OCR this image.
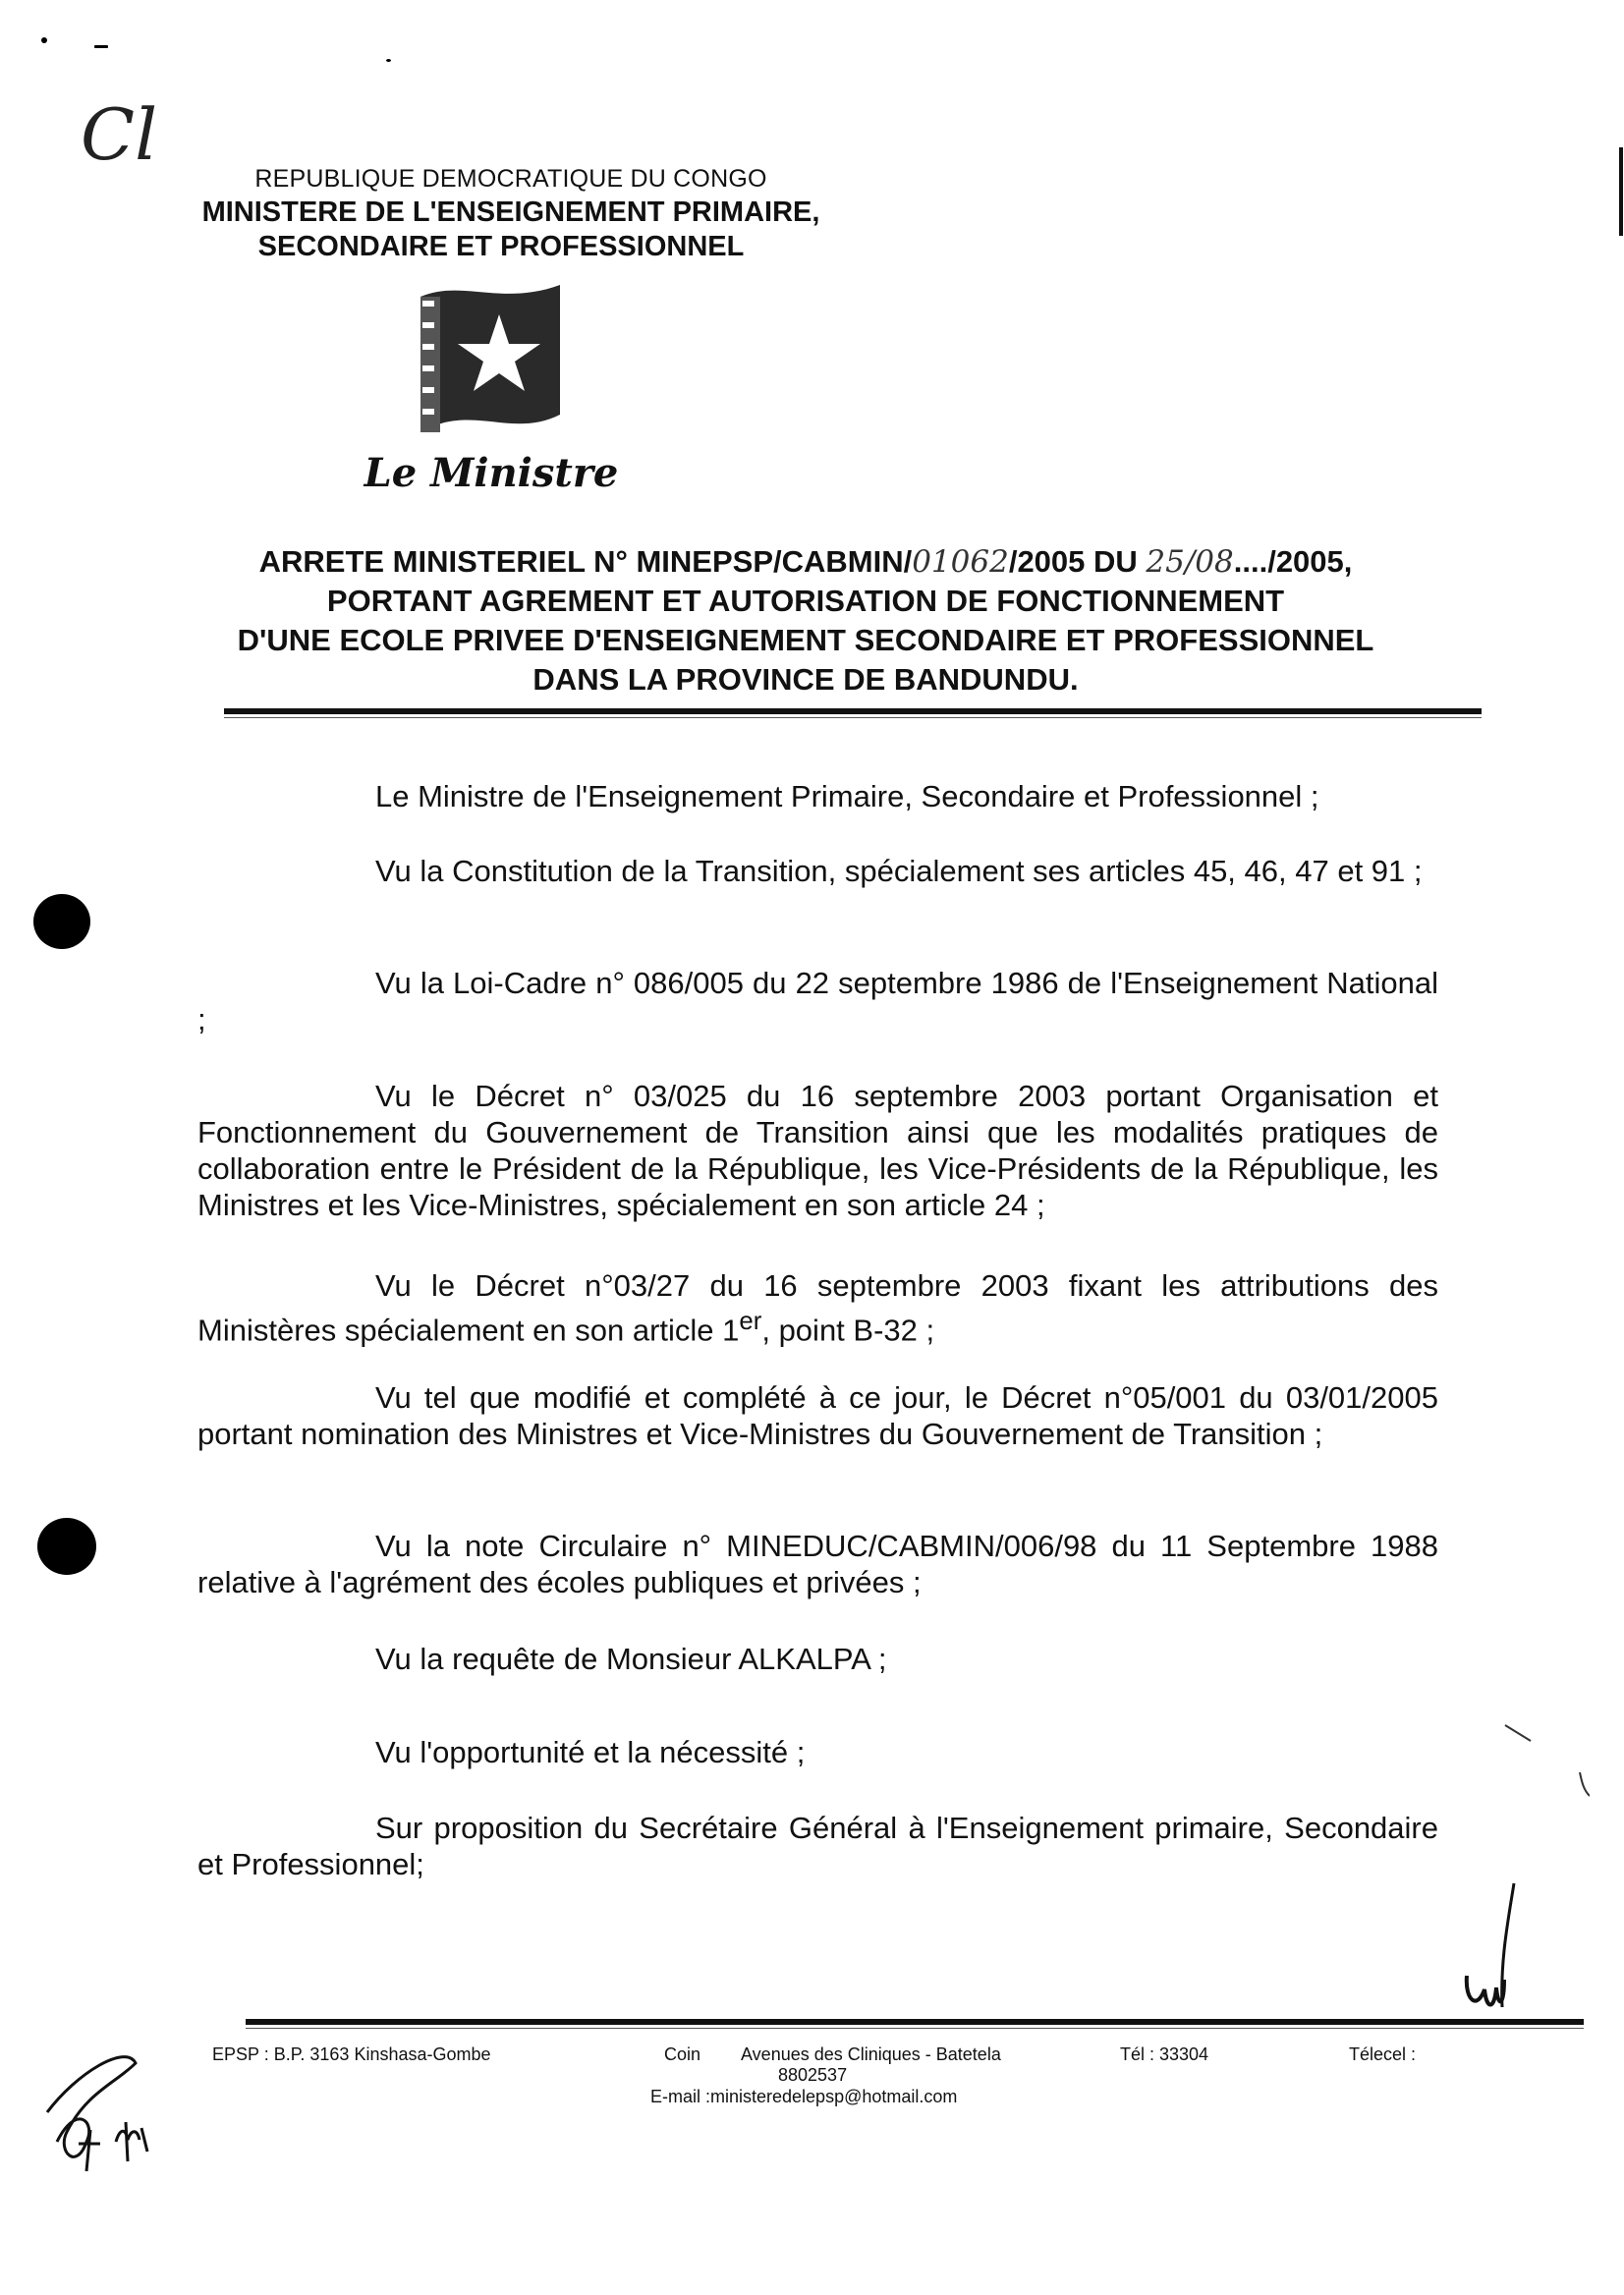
Cl
REPUBLIQUE DEMOCRATIQUE DU CONGO
MINISTERE DE L'ENSEIGNEMENT PRIMAIRE,
SECONDAIRE ET PROFESSIONNEL
Le Ministre
ARRETE MINISTERIEL N° MINEPSP/CABMIN/01062/2005 DU 25/08..../2005,
PORTANT AGREMENT ET AUTORISATION DE FONCTIONNEMENT
D'UNE ECOLE PRIVEE D'ENSEIGNEMENT SECONDAIRE ET PROFESSIONNEL
DANS LA PROVINCE DE BANDUNDU.
Le Ministre de l'Enseignement Primaire, Secondaire et Professionnel ;
Vu la Constitution de la Transition, spécialement ses articles 45, 46, 47 et 91 ;
Vu la Loi-Cadre n° 086/005 du 22 septembre 1986 de l'Enseignement National ;
Vu le Décret n° 03/025 du 16 septembre 2003 portant Organisation et Fonctionnement du Gouvernement de Transition ainsi que les modalités pratiques de collaboration entre le Président de la République, les Vice-Présidents de la République, les Ministres et les Vice-Ministres, spécialement en son article 24 ;
Vu le Décret n°03/27 du 16 septembre 2003 fixant les attributions des Ministères spécialement en son article 1er, point B-32 ;
Vu tel que modifié et complété à ce jour, le Décret n°05/001 du 03/01/2005 portant nomination des Ministres et Vice-Ministres du Gouvernement de Transition ;
Vu la note Circulaire n° MINEDUC/CABMIN/006/98 du 11 Septembre 1988 relative à l'agrément des écoles publiques et privées ;
Vu la requête de Monsieur ALKALPA ;
Vu l'opportunité et la nécessité ;
Sur proposition du Secrétaire Général à l'Enseignement primaire, Secondaire et Professionnel;
EPSP : B.P. 3163 Kinshasa-Gombe	Coin Avenues des Cliniques - Batetela
8802537
E-mail :ministeredelepsp@hotmail.com
Tél : 33304	Télecel :
